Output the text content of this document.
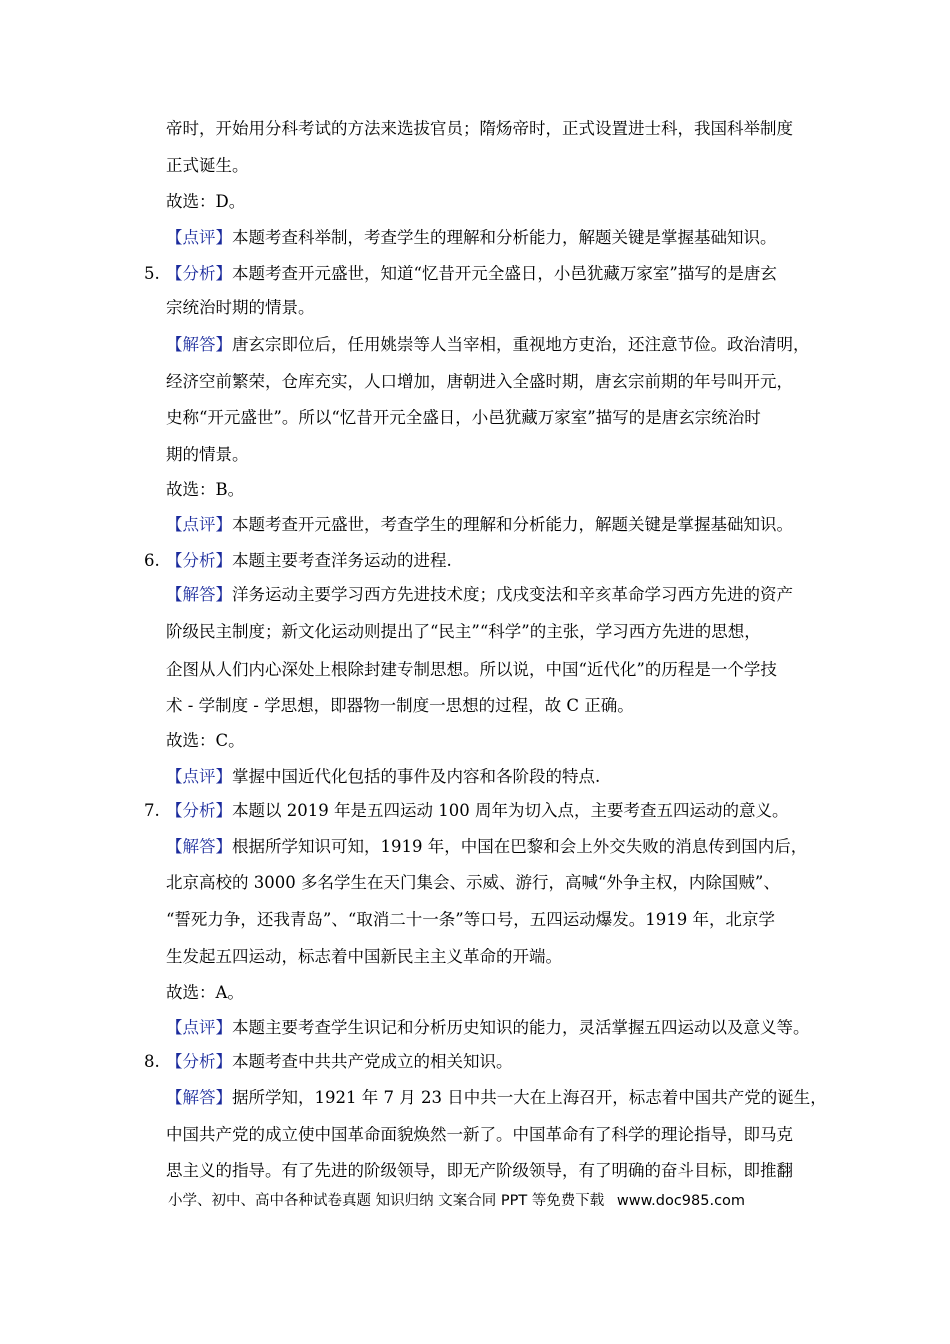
帝时，开始用分科考试的方法来选拔官员；隋炀帝时，正式设置进士科，我国科举制度
正式诞生。
故选：D。
【点评】本题考查科举制，考查学生的理解和分析能力，解题关键是掌握基础知识。
5. 【分析】本题考查开元盛世，知道“忆昔开元全盛日，小邑犹藏万家室”描写的是唐玄
宗统治时期的情景。
【解答】唐玄宗即位后，任用姚崇等人当宰相，重视地方吏治，还注意节俭。政治清明，
经济空前繁荣，仓库充实，人口增加，唐朝进入全盛时期，唐玄宗前期的年号叫开元，
史称“开元盛世”。所以“忆昔开元全盛日，小邑犹藏万家室”描写的是唐玄宗统治时
期的情景。
故选：B。
【点评】本题考查开元盛世，考查学生的理解和分析能力，解题关键是掌握基础知识。
6. 【分析】本题主要考查洋务运动的进程.
【解答】洋务运动主要学习西方先进技术度；戊戌变法和辛亥革命学习西方先进的资产
阶级民主制度；新文化运动则提出了“民主”“科学”的主张，学习西方先进的思想，
企图从人们内心深处上根除封建专制思想。所以说，中国“近代化”的历程是一个学技
术 - 学制度 - 学思想，即器物一制度一思想的过程，故 C 正确。
故选：C。
【点评】掌握中国近代化包括的事件及内容和各阶段的特点.
7. 【分析】本题以 2019 年是五四运动 100 周年为切入点，主要考查五四运动的意义。
【解答】根据所学知识可知，1919 年，中国在巴黎和会上外交失败的消息传到国内后，
北京高校的 3000 多名学生在天门集会、示威、游行，高喊“外争主权，内除国贼”、
“誓死力争，还我青岛”、“取消二十一条”等口号，五四运动爆发。1919 年，北京学
生发起五四运动，标志着中国新民主主义革命的开端。
故选：A。
【点评】本题主要考查学生识记和分析历史知识的能力，灵活掌握五四运动以及意义等。
8. 【分析】本题考查中共共产党成立的相关知识。
【解答】据所学知，1921 年 7 月 23 日中共一大在上海召开，标志着中国共产党的诞生，
中国共产党的成立使中国革命面貌焕然一新了。中国革命有了科学的理论指导，即马克
思主义的指导。有了先进的阶级领导，即无产阶级领导，有了明确的奋斗目标，即推翻
小学、初中、高中各种试卷真题 知识归纳 文案合同 PPT 等免费下载 www.doc985.com
